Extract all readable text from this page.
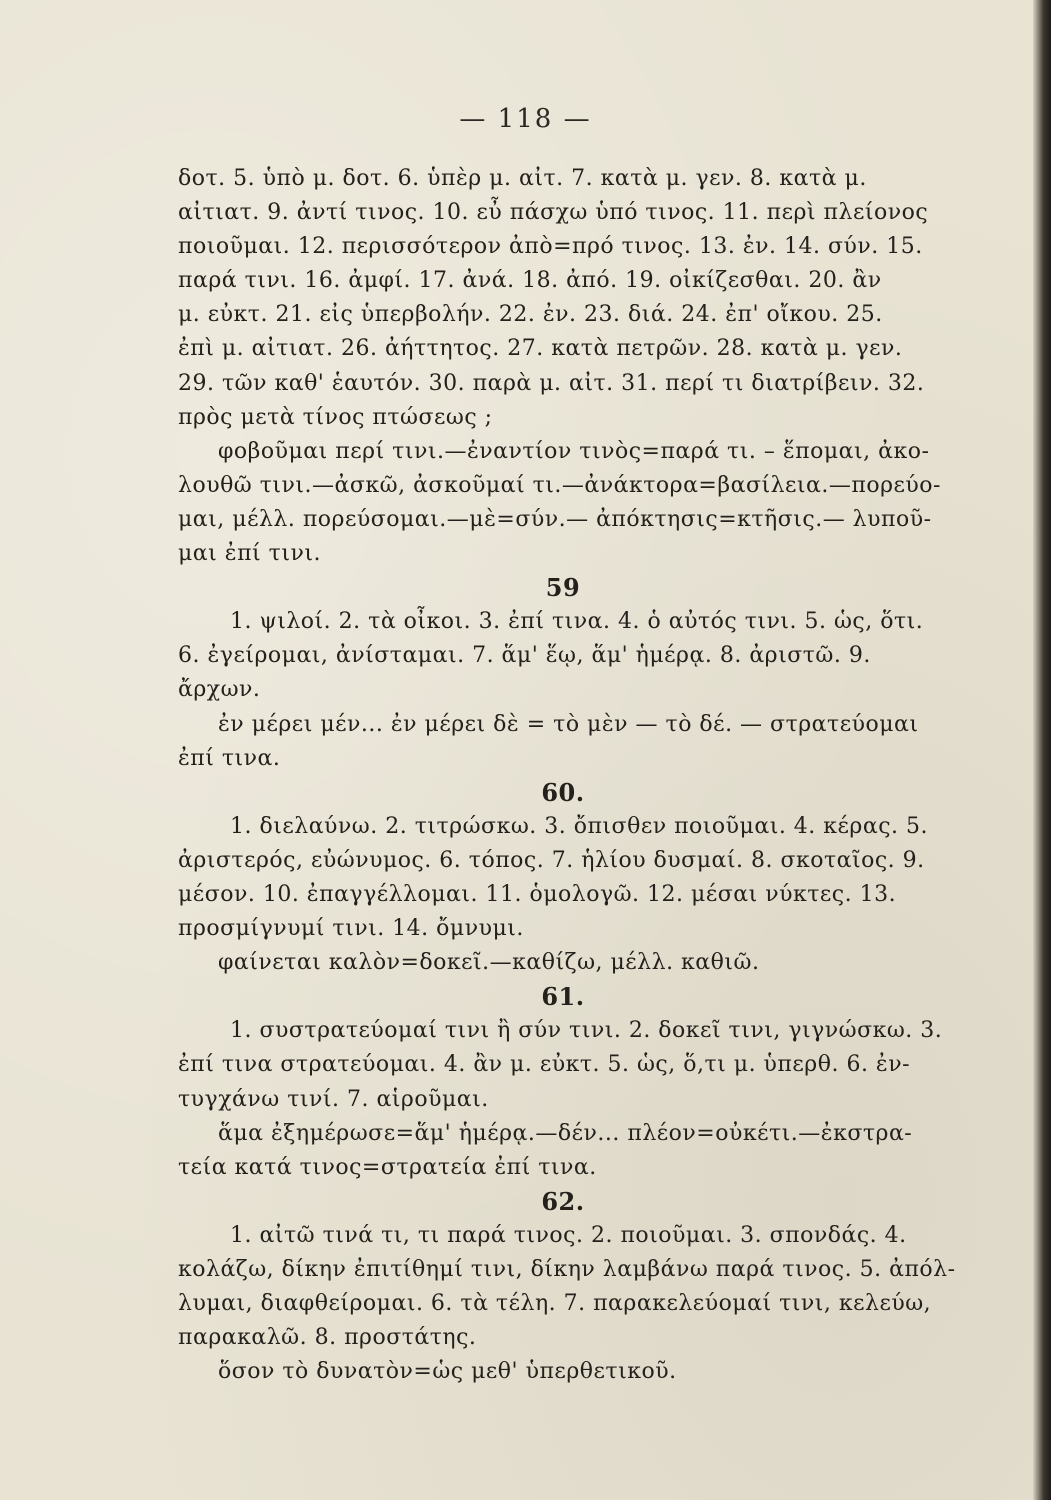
— 118 —
δοτ. 5. ὑπὸ μ. δοτ. 6. ὑπὲρ μ. αἰτ. 7. κατὰ μ. γεν. 8. κατὰ μ.
αἰτιατ. 9. ἀντί τινος. 10. εὖ πάσχω ὑπό τινος. 11. περὶ πλείονος
ποιοῦμαι. 12. περισσότερον ἀπὸ=πρό τινος. 13. ἐν. 14. σύν. 15.
παρά τινι. 16. ἀμφί. 17. ἀνά. 18. ἀπό. 19. οἰκίζεσθαι. 20. ἂν
μ. εὐκτ. 21. εἰς ὑπερβολήν. 22. ἐν. 23. διά. 24. ἐπ' οἴκου. 25.
ἐπὶ μ. αἰτιατ. 26. ἀήττητος. 27. κατὰ πετρῶν. 28. κατὰ μ. γεν.
29. τῶν καθ' ἑαυτόν. 30. παρὰ μ. αἰτ. 31. περί τι διατρίβειν. 32.
πρὸς μετὰ τίνος πτώσεως ;
φοβοῦμαι περί τινι.—ἐναντίον τινὸς=παρά τι. – ἕπομαι, ἀκο-
λουθῶ τινι.—ἀσκῶ, ἀσκοῦμαί τι.—ἀνάκτορα=βασίλεια.—πορεύο-
μαι, μέλλ. πορεύσομαι.—μὲ=σύν.— ἀπόκτησις=κτῆσις.— λυποῦ-
μαι ἐπί τινι.
59
1. ψιλοί. 2. τὰ οἶκοι. 3. ἐπί τινα. 4. ὁ αὐτός τινι. 5. ὡς, ὅτι.
6. ἐγείρομαι, ἀνίσταμαι. 7. ἅμ' ἕῳ, ἅμ' ἡμέρᾳ. 8. ἀριστῶ. 9.
ἄρχων.
ἐν μέρει μέν... ἐν μέρει δὲ = τὸ μὲν — τὸ δέ. — στρατεύομαι
ἐπί τινα.
60.
1. διελαύνω. 2. τιτρώσκω. 3. ὄπισθεν ποιοῦμαι. 4. κέρας. 5.
ἀριστερός, εὐώνυμος. 6. τόπος. 7. ἡλίου δυσμαί. 8. σκοταῖος. 9.
μέσον. 10. ἐπαγγέλλομαι. 11. ὁμολογῶ. 12. μέσαι νύκτες. 13.
προσμίγνυμί τινι. 14. ὄμνυμι.
φαίνεται καλὸν=δοκεῖ.—καθίζω, μέλλ. καθιῶ.
61.
1. συστρατεύομαί τινι ἢ σύν τινι. 2. δοκεῖ τινι, γιγνώσκω. 3.
ἐπί τινα στρατεύομαι. 4. ἂν μ. εὐκτ. 5. ὡς, ὅ,τι μ. ὑπερθ. 6. ἐν-
τυγχάνω τινί. 7. αἱροῦμαι.
ἅμα ἐξημέρωσε=ἅμ' ἡμέρᾳ.—δέν... πλέον=οὐκέτι.—ἐκστρα-
τεία κατά τινος=στρατεία ἐπί τινα.
62.
1. αἰτῶ τινά τι, τι παρά τινος. 2. ποιοῦμαι. 3. σπονδάς. 4.
κολάζω, δίκην ἐπιτίθημί τινι, δίκην λαμβάνω παρά τινος. 5. ἀπόλ-
λυμαι, διαφθείρομαι. 6. τὰ τέλη. 7. παρακελεύομαί τινι, κελεύω,
παρακαλῶ. 8. προστάτης.
ὅσον τὸ δυνατὸν=ὡς μεθ' ὑπερθετικοῦ.
